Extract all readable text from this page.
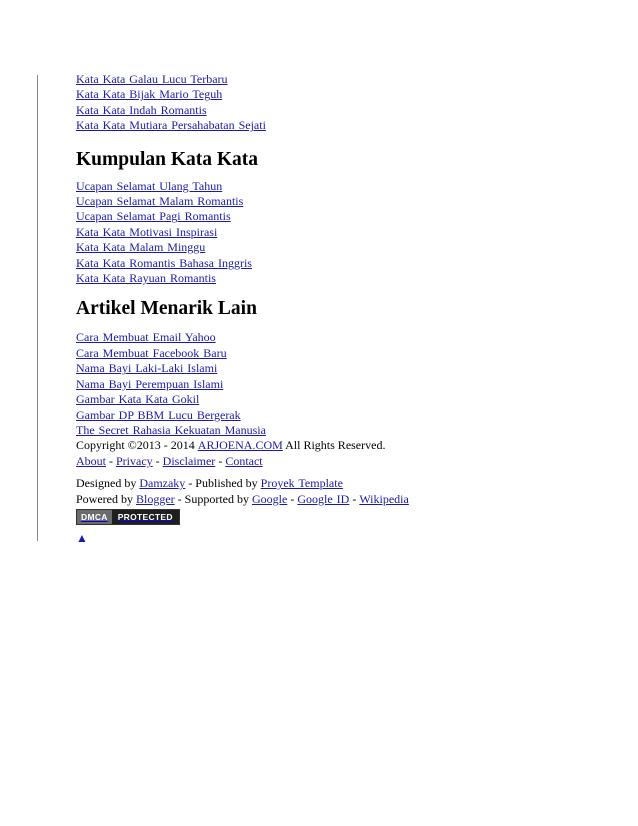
Kata Kata Galau Lucu Terbaru
Kata Kata Bijak Mario Teguh
Kata Kata Indah Romantis
Kata Kata Mutiara Persahabatan Sejati
Kumpulan Kata Kata
Ucapan Selamat Ulang Tahun
Ucapan Selamat Malam Romantis
Ucapan Selamat Pagi Romantis
Kata Kata Motivasi Inspirasi
Kata Kata Malam Minggu
Kata Kata Romantis Bahasa Inggris
Kata Kata Rayuan Romantis
Artikel Menarik Lain
Cara Membuat Email Yahoo
Cara Membuat Facebook Baru
Nama Bayi Laki-Laki Islami
Nama Bayi Perempuan Islami
Gambar Kata Kata Gokil
Gambar DP BBM Lucu Bergerak
The Secret Rahasia Kekuatan Manusia
Copyright ©2013 - 2014 ARJOENA.COM All Rights Reserved.
About - Privacy - Disclaimer - Contact
Designed by Damzaky - Published by Proyek Template
Powered by Blogger - Supported by Google - Google ID - Wikipedia
DMCA	PROTECTED
▲
